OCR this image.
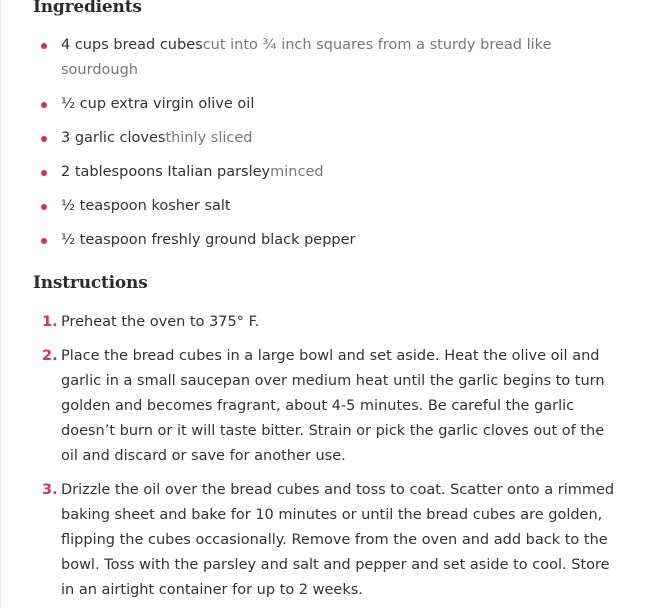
Ingredients
4 cups bread cubescut into ¾ inch squares from a sturdy bread like sourdough
½ cup extra virgin olive oil
3 garlic clovesthinly sliced
2 tablespoons Italian parsleyminced
½ teaspoon kosher salt
½ teaspoon freshly ground black pepper
Instructions
1. Preheat the oven to 375° F.
2. Place the bread cubes in a large bowl and set aside. Heat the olive oil and garlic in a small saucepan over medium heat until the garlic begins to turn golden and becomes fragrant, about 4-5 minutes. Be careful the garlic doesn’t burn or it will taste bitter. Strain or pick the garlic cloves out of the oil and discard or save for another use.
3. Drizzle the oil over the bread cubes and toss to coat. Scatter onto a rimmed baking sheet and bake for 10 minutes or until the bread cubes are golden, flipping the cubes occasionally. Remove from the oven and add back to the bowl. Toss with the parsley and salt and pepper and set aside to cool. Store in an airtight container for up to 2 weeks.
